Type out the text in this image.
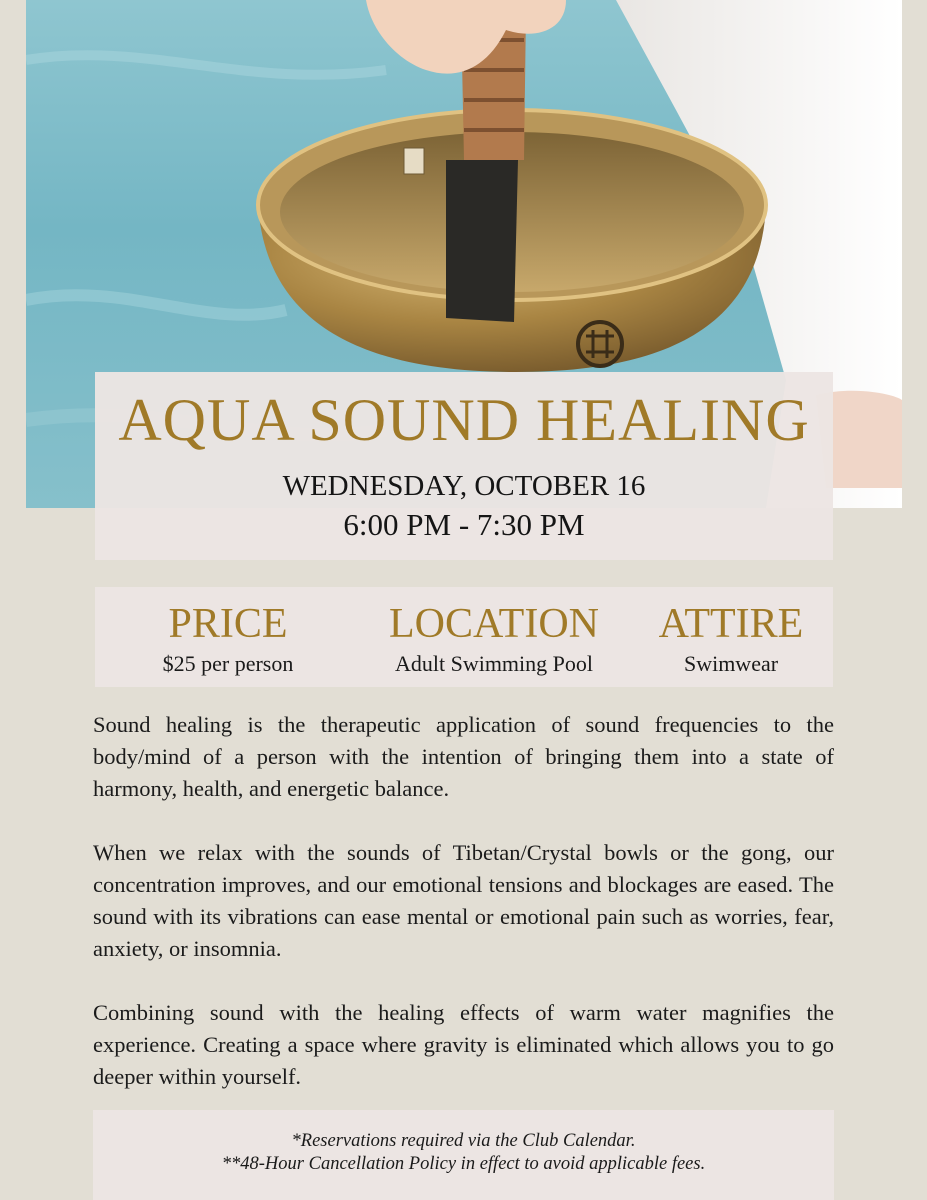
AQUA SOUND HEALING
WEDNESDAY, OCTOBER 16
6:00 PM - 7:30 PM
PRICE
$25 per person
LOCATION
Adult Swimming Pool
ATTIRE
Swimwear

Sound healing is the therapeutic application of sound frequencies to the body/mind of a person with the intention of bringing them into a state of harmony, health, and energetic balance.

When we relax with the sounds of Tibetan/Crystal bowls or the gong, our concentration improves, and our emotional tensions and blockages are eased. The sound with its vibrations can ease mental or emotional pain such as worries, fear, anxiety, or insomnia.

Combining sound with the healing effects of warm water magnifies the experience. Creating a space where gravity is eliminated which allows you to go deeper within yourself.

*Reservations required via the Club Calendar.
**48-Hour Cancellation Policy in effect to avoid applicable fees.
